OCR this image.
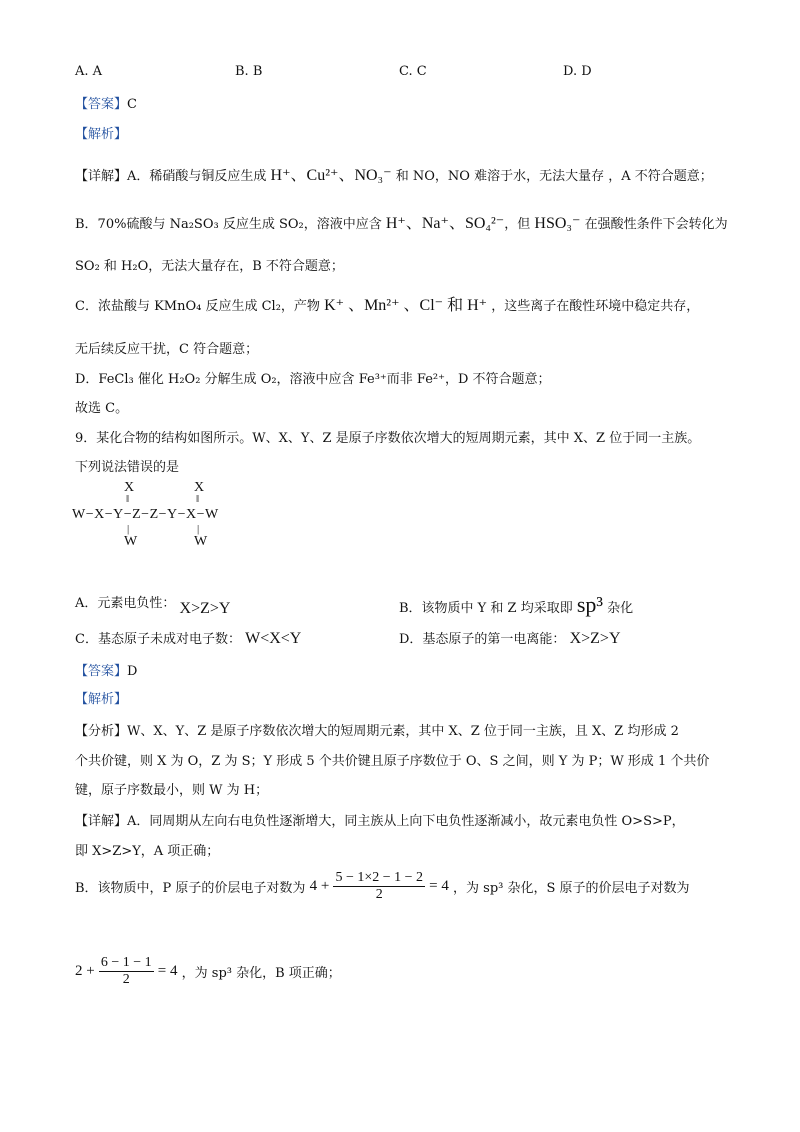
A. A	B. B	C. C	D. D
【答案】C
【解析】
【详解】A．稀硝酸与铜反应生成 H⁺、Cu²⁺、NO₃⁻ 和 NO，NO 难溶于水，无法大量存 ，A 不符合题意；
B．70%硫酸与 Na₂SO₃ 反应生成 SO₂，溶液中应含 H⁺、Na⁺、SO₄²⁻，但 HSO₃⁻ 在强酸性条件下会转化为
SO₂ 和 H₂O，无法大量存在，B 不符合题意；
C．浓盐酸与 KMnO₄ 反应生成 Cl₂，产物 K⁺ 、Mn²⁺ 、Cl⁻ 和 H⁺ ，这些离子在酸性环境中稳定共存，
无后续反应干扰，C 符合题意；
D．FeCl₃ 催化 H₂O₂ 分解生成 O₂，溶液中应含 Fe³⁺而非 Fe²⁺，D 不符合题意；
故选 C。
9．某化合物的结构如图所示。W、X、Y、Z 是原子序数依次增大的短周期元素，其中 X、Z 位于同一主族。
下列说法错误的是
X	X
‖	‖
W−X−Y−Z−Z−Y−X−W
|	|
W	W
A．元素电负性： X>Z>Y	B．该物质中 Y 和 Z 均采取即 sp³ 杂化
C．基态原子未成对电子数： W<X<Y	D．基态原子的第一电离能： X>Z>Y
【答案】D
【解析】
【分析】W、X、Y、Z 是原子序数依次增大的短周期元素，其中 X、Z 位于同一主族，且 X、Z 均形成 2
个共价键，则 X 为 O，Z 为 S；Y 形成 5 个共价键且原子序数位于 O、S 之间，则 Y 为 P；W 形成 1 个共价
键，原子序数最小，则 W 为 H；
【详解】A．同周期从左向右电负性逐渐增大，同主族从上向下电负性逐渐减小，故元素电负性 O>S>P，
即 X>Z>Y，A 项正确；
B．该物质中，P 原子的价层电子对数为 $4 + \frac{5 - 1\times 2 - 1 - 2}{2} = 4$ ，为 sp³ 杂化，S 原子的价层电子对数为
$2 + \frac{6 - 1 - 1}{2} = 4$ ，为 sp³ 杂化，B 项正确；
